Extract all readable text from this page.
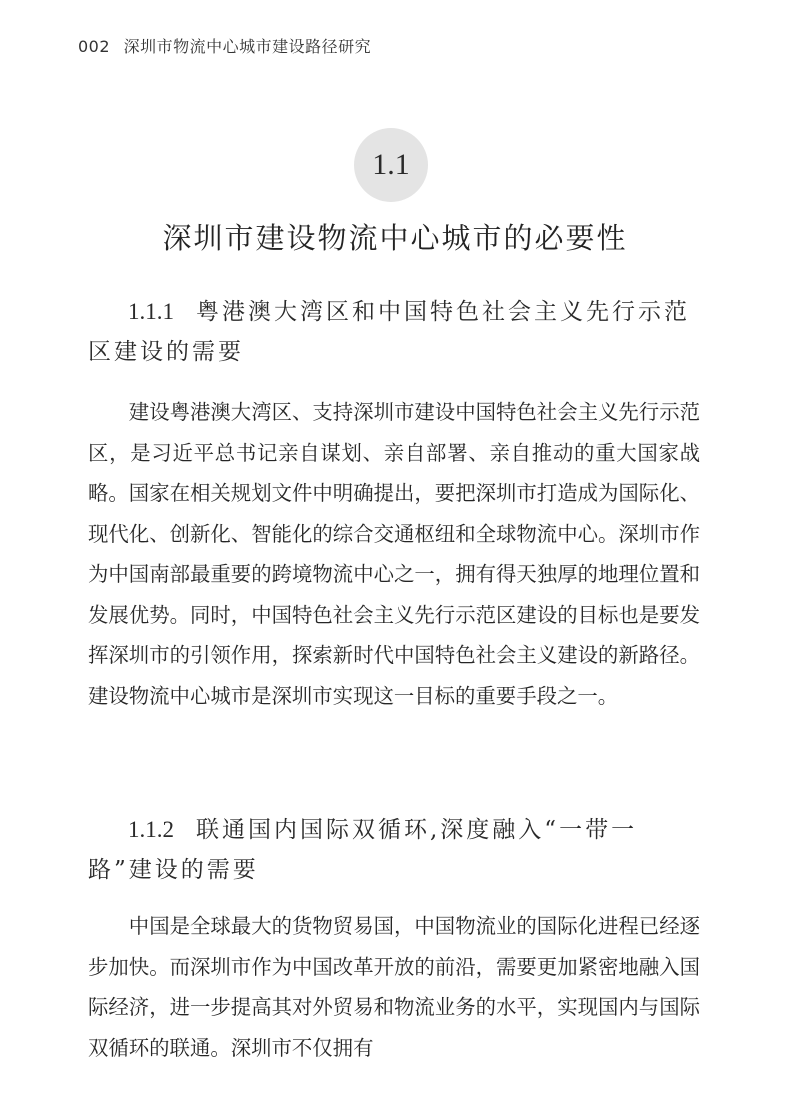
002 深圳市物流中心城市建设路径研究
1.1
深圳市建设物流中心城市的必要性
1.1.1 粤港澳大湾区和中国特色社会主义先行示范区建设的需要

建设粤港澳大湾区、支持深圳市建设中国特色社会主义先行示范区，是习近平总书记亲自谋划、亲自部署、亲自推动的重大国家战略。国家在相关规划文件中明确提出，要把深圳市打造成为国际化、现代化、创新化、智能化的综合交通枢纽和全球物流中心。深圳市作为中国南部最重要的跨境物流中心之一，拥有得天独厚的地理位置和发展优势。同时，中国特色社会主义先行示范区建设的目标也是要发挥深圳市的引领作用，探索新时代中国特色社会主义建设的新路径。建设物流中心城市是深圳市实现这一目标的重要手段之一。

1.1.2 联通国内国际双循环,深度融入“一带一路”建设的需要

中国是全球最大的货物贸易国，中国物流业的国际化进程已经逐步加快。而深圳市作为中国改革开放的前沿，需要更加紧密地融入国际经济，进一步提高其对外贸易和物流业务的水平，实现国内与国际双循环的联通。深圳市不仅拥有
